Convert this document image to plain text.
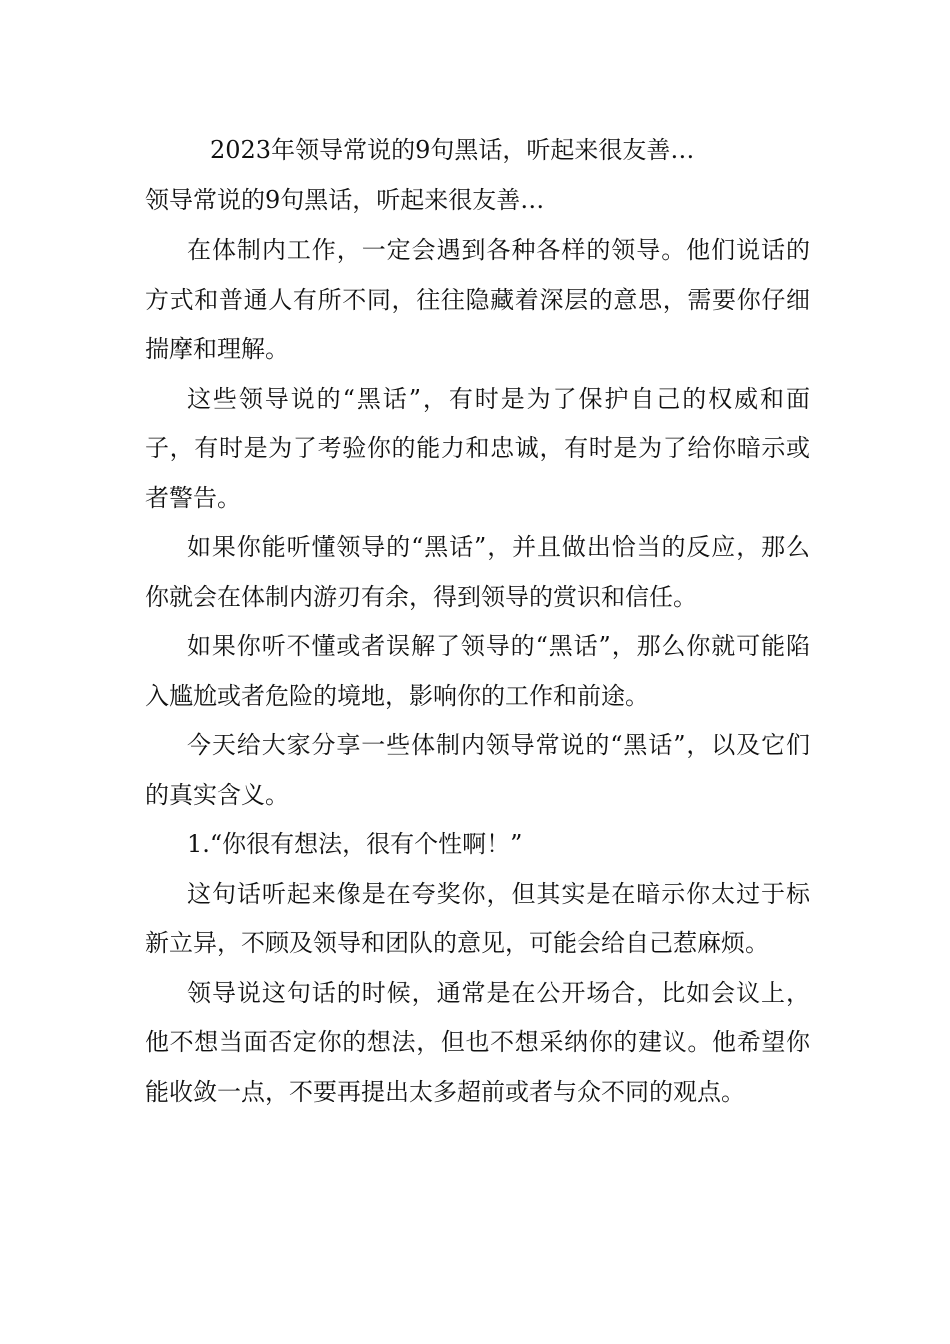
2023年领导常说的9句黑话，听起来很友善…
领导常说的9句黑话，听起来很友善…

在体制内工作，一定会遇到各种各样的领导。他们说话的方式和普通人有所不同，往往隐藏着深层的意思，需要你仔细揣摩和理解。

这些领导说的“黑话”，有时是为了保护自己的权威和面子，有时是为了考验你的能力和忠诚，有时是为了给你暗示或者警告。

如果你能听懂领导的“黑话”，并且做出恰当的反应，那么你就会在体制内游刃有余，得到领导的赏识和信任。

如果你听不懂或者误解了领导的“黑话”，那么你就可能陷入尴尬或者危险的境地，影响你的工作和前途。

今天给大家分享一些体制内领导常说的“黑话”，以及它们的真实含义。

1.“你很有想法，很有个性啊！”

这句话听起来像是在夸奖你，但其实是在暗示你太过于标新立异，不顾及领导和团队的意见，可能会给自己惹麻烦。

领导说这句话的时候，通常是在公开场合，比如会议上，他不想当面否定你的想法，但也不想采纳你的建议。他希望你能收敛一点，不要再提出太多超前或者与众不同的观点。
